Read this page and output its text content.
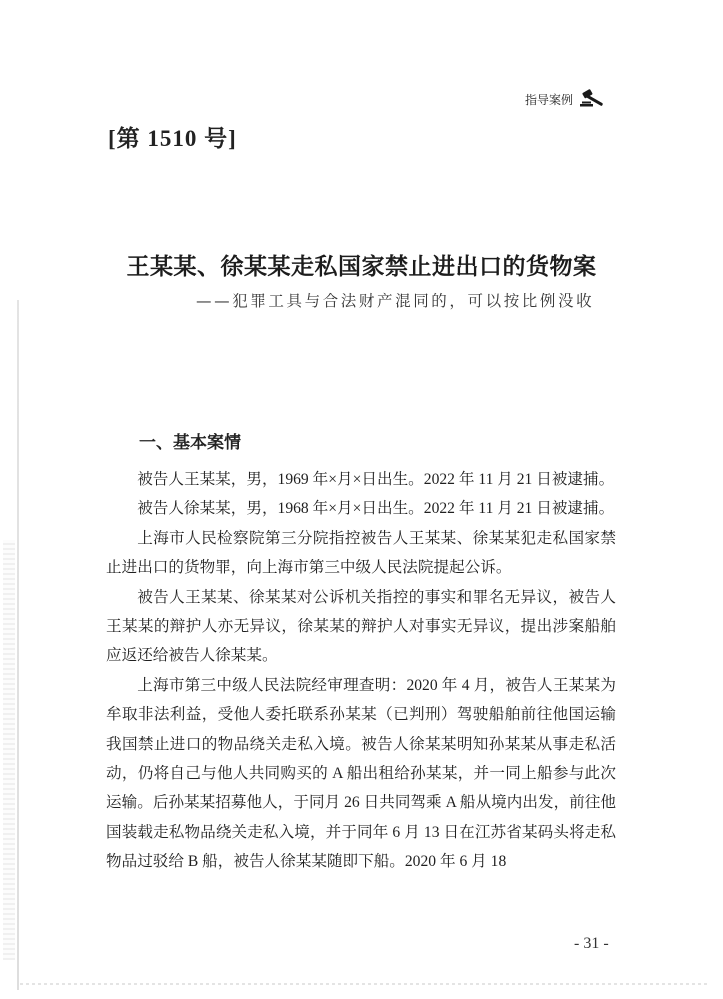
指导案例
[第 1510 号]
王某某、徐某某走私国家禁止进出口的货物案
——犯罪工具与合法财产混同的，可以按比例没收
一、基本案情

被告人王某某，男，1969 年×月×日出生。2022 年 11 月 21 日被逮捕。

被告人徐某某，男，1968 年×月×日出生。2022 年 11 月 21 日被逮捕。

上海市人民检察院第三分院指控被告人王某某、徐某某犯走私国家禁止进出口的货物罪，向上海市第三中级人民法院提起公诉。

被告人王某某、徐某某对公诉机关指控的事实和罪名无异议，被告人王某某的辩护人亦无异议，徐某某的辩护人对事实无异议，提出涉案船舶应返还给被告人徐某某。

上海市第三中级人民法院经审理查明：2020 年 4 月，被告人王某某为牟取非法利益，受他人委托联系孙某某（已判刑）驾驶船舶前往他国运输我国禁止进口的物品绕关走私入境。被告人徐某某明知孙某某从事走私活动，仍将自己与他人共同购买的 A 船出租给孙某某，并一同上船参与此次运输。后孙某某招募他人，于同月 26 日共同驾乘 A 船从境内出发，前往他国装载走私物品绕关走私入境，并于同年 6 月 13 日在江苏省某码头将走私物品过驳给 B 船，被告人徐某某随即下船。2020 年 6 月 18

- 31 -
